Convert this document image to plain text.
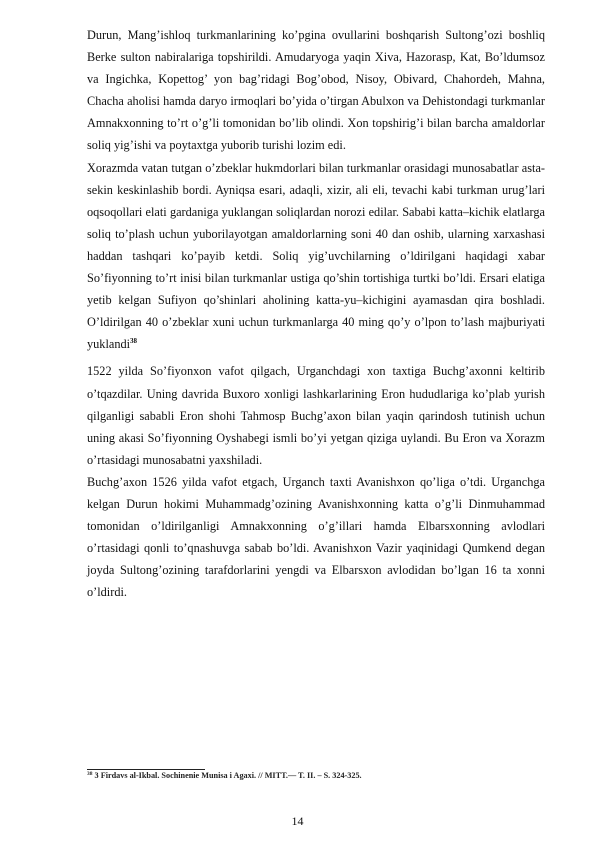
Durun, Mang’ishloq turkmanlarining ko’pgina ovullarini boshqarish Sultong’ozi boshliq Berke sulton nabiralariga topshirildi. Amudaryoga yaqin Xiva, Hazorasp, Kat, Bo’ldumsoz va Ingichka, Kopettog’ yon bag’ridagi Bog’obod, Nisoy, Obivard, Chahordeh, Mahna, Chacha aholisi hamda daryo irmoqlari bo’yida o’tirgan Abulxon va Dehistondagi turkmanlar Amnakxonning to’rt o’g’li tomonidan bo’lib olindi. Xon topshirig’i bilan barcha amaldorlar soliq yig’ishi va poytaxtga yuborib turishi lozim edi.

Xorazmda vatan tutgan o’zbeklar hukmdorlari bilan turkmanlar orasidagi munosabatlar asta-sekin keskinlashib bordi. Ayniqsa esari, adaqli, xizir, ali eli, tevachi kabi turkman urug’lari oqsoqollari elati gardaniga yuklangan soliqlardan norozi edilar. Sababi katta–kichik elatlarga soliq to’plash uchun yuborilayotgan amaldorlarning soni 40 dan oshib, ularning xarxashasi haddan tashqari ko’payib ketdi. Soliq yig’uvchilarning o’ldirilgani haqidagi xabar So’fiyonning to’rt inisi bilan turkmanlar ustiga qo’shin tortishiga turtki bo’ldi. Ersari elatiga yetib kelgan Sufiyon qo’shinlari aholining katta-yu–kichigini ayamasdan qira boshladi. O’ldirilgan 40 o’zbeklar xuni uchun turkmanlarga 40 ming qo’y o’lpon to’lash majburiyati yuklandi$^{38}$

1522 yilda So’fiyonxon vafot qilgach, Urganchdagi xon taxtiga Buchg’axonni keltirib o’tqazdilar. Uning davrida Buxoro xonligi lashkarlarining Eron hududlariga ko’plab yurish qilganligi sababli Eron shohi Tahmosp Buchg’axon bilan yaqin qarindosh tutinish uchun uning akasi So’fiyonning Oyshabegi ismli bo’yi yetgan qiziga uylandi. Bu Eron va Xorazm o’rtasidagi munosabatni yaxshiladi.

Buchg’axon 1526 yilda vafot etgach, Urganch taxti Avanishxon qo’liga o’tdi. Urganchga kelgan Durun hokimi Muhammadg’ozining Avanishxonning katta o’g’li Dinmuhammad tomonidan o’ldirilganligi Amnakxonning o’g’illari hamda Elbarsxonning avlodlari o’rtasidagi qonli to’qnashuvga sabab bo’ldi. Avanishxon Vazir yaqinidagi Qumkend degan joyda Sultong’ozining tarafdorlarini yengdi va Elbarsxon avlodidan bo’lgan 16 ta xonni o’ldirdi.

$^{38}$ 3 Firdavs al-Ikbal. Sochinenie Munisa i Agaxi. // MITT.— T. II. – S. 324-325.
14
